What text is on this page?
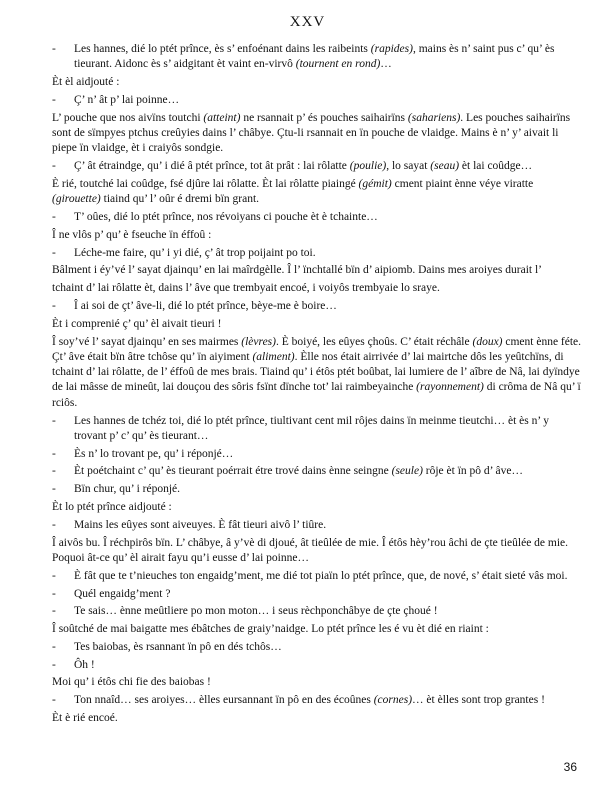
XXV
- Les hannes, dié lo ptét prînce, ès s’ enfoénant dains les raibeints (rapides), mains ès n’ saint pus c’ qu’ ès tieurant. Aidonc ès s’ aidgitant èt vaint en-virvô (tournent en rond)…
Èt èl aidjouté :
- Ç’ n’ ât p’ lai poinne…
L’ pouche que nos aivïns toutchi (atteint) ne rsannait p’ és pouches saihairïns (sahariens). Les pouches saihairïns sont de sïmpyes ptchus creûyies dains l’ châbye. Çtu-li rsannait en ïn pouche de vlaidge. Mains è n’ y’ aivait li piepe ïn vlaidge, èt i craiyôs sondgie.
- Ç’ ât étraindge, qu’ i dié â ptét prînce, tot ât prât : lai rôlatte (poulie), lo sayat (seau) èt lai coûdge…
È rié, toutché lai coûdge, fsé djûre lai rôlatte. Èt lai rôlatte piaingé (gémit) cment piaint ènne véye viratte (girouette) tiaind qu’ l’ oûr é dremi bïn grant.
- T’ oûes, dié lo ptét prînce, nos révoiyans ci pouche èt è tchainte…
Î ne vlôs p’ qu’ è fseuche ïn éffoû :
- Léche-me faire, qu’ i yi dié, ç’ ât trop poijaint po toi.
Bâlment i éy’vé l’ sayat djainqu’ en lai maîrdgèlle. Î l’ ïnchtallé bïn d’ aipiomb. Dains mes aroiyes durait l’
tchaint d’ lai rôlatte èt, dains l’ âve que trembyait encoé, i voiyôs trembyaie lo sraye.
- Î ai soi de çt’ âve-li, dié lo ptét prînce, bèye-me è boire…
Èt i comprenié ç’ qu’ èl aivait tieuri !
Î soy’vé l’ sayat djainqu’ en ses mairmes (lèvres). È boiyé, les eûyes çhoûs. C’ était réchâle (doux) cment ènne féte. Çt’ âve était bïn âtre tchôse qu’ ïn aiyiment (aliment). Èlle nos était airrivée d’ lai mairtche dôs les yeûtchïns, di tchaint d’ lai rôlatte, de l’ éffoû de mes brais. Tiaind qu’ i étôs ptét boûbat, lai lumiere de l’ aîbre de Nâ, lai dyïndye de lai mâsse de mineût, lai douçou des sôris fsïnt dïnche tot’ lai raimbeyainche (rayonnement) di crôma de Nâ qu’ ï rciôs.
- Les hannes de tchéz toi, dié lo ptét prînce, tiultivant cent mil rôjes dains ïn meinme tieutchi… èt ès n’ y trovant p’ c’ qu’ ès tieurant…
- Ès n’ lo trovant pe, qu’ i réponjé…
- Èt poétchaint c’ qu’ ès tieurant poérrait étre trové dains ènne seingne (seule) rôje èt ïn pô d’ âve…
- Bïn chur, qu’ i réponjé.
Èt lo ptét prînce aidjouté :
- Mains les eûyes sont aiveuyes. È fât tieuri aivô l’ tiûre.
Î aivôs bu. Î réchpirôs bïn. L’ châbye, â y’vè di djoué, ât tieûlée de mie. Î étôs hèy’rou âchi de çte tieûlée de mie. Poquoi ât-ce qu’ èl airait fayu qu’i eusse d’ lai poinne…
- È fât que te t’nieuches ton engaidg’ment, me dié tot piaïn lo ptét prînce, que, de nové, s’ était sieté vâs moi.
- Quél engaidg’ment ?
- Te sais… ènne meûtliere po mon moton… i seus rèchponchâbye de çte çhoué !
Î soûtché de mai baigatte mes ébâtches de graiy’naidge. Lo ptét prînce les é vu èt dié en riaint :
- Tes baiobas, ès rsannant ïn pô en dés tchôs…
- Ôh !
Moi qu’ i étôs chi fie des baiobas !
- Ton nnaîd… ses aroiyes… èlles eursannant ïn pô en des écoûnes (cornes)… èt èlles sont trop grantes !
Èt è rié encoé.
36
